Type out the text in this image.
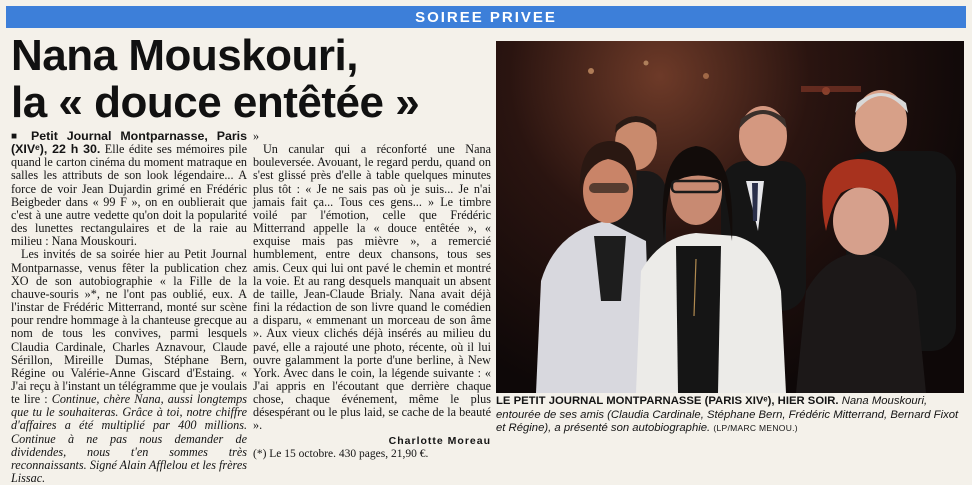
SOIREE PRIVEE
Nana Mouskouri,
la « douce entêtée »

■ Petit Journal Montparnasse, Paris (XIVᵉ), 22 h 30. Elle édite ses mémoires pile quand le carton cinéma du moment matraque en salles les attributs de son look légendaire... A force de voir Jean Dujardin grimé en Frédéric Beigbeder dans « 99 F », on en oublierait que c'est à une autre vedette qu'on doit la popularité des lunettes rectangulaires et de la raie au milieu : Nana Mouskouri.

Les invités de sa soirée hier au Petit Journal Montparnasse, venus fêter la publication chez XO de son autobiographie « la Fille de la chauve-souris »*, ne l'ont pas oublié, eux. A l'instar de Frédéric Mitterrand, monté sur scène pour rendre hommage à la chanteuse grecque au nom de tous les convives, parmi lesquels Claudia Cardinale, Charles Aznavour, Claude Sérillon, Mireille Dumas, Stéphane Bern, Régine ou Valérie-Anne Giscard d'Estaing. « J'ai reçu à l'instant un télégramme que je voulais te lire : Continue, chère Nana, aussi longtemps que tu le souhaiteras. Grâce à toi, notre chiffre d'affaires a été multiplié par 400 millions. Continue à ne pas nous demander de dividendes, nous t'en sommes très reconnaissants. Signé Alain Afflelou et les frères Lissac.

»

Un canular qui a réconforté une Nana bouleversée. Avouant, le regard perdu, quand on s'est glissé près d'elle à table quelques minutes plus tôt : « Je ne sais pas où je suis... Je n'ai jamais fait ça... Tous ces gens... » Le timbre voilé par l'émotion, celle que Frédéric Mitterrand appelle la « douce entêtée », « exquise mais pas mièvre », a remercié humblement, entre deux chansons, tous ses amis. Ceux qui lui ont pavé le chemin et montré la voie. Et au rang desquels manquait un absent de taille, Jean-Claude Brialy. Nana avait déjà fini la rédaction de son livre quand le comédien a disparu, « emmenant un morceau de son âme ». Aux vieux clichés déjà insérés au milieu du pavé, elle a rajouté une photo, récente, où il lui ouvre galamment la porte d'une berline, à New York. Avec dans le coin, la légende suivante : « J'ai appris en l'écoutant que derrière chaque chose, chaque événement, même le plus désespérant ou le plus laid, se cache de la beauté ».

Charlotte Moreau

(*) Le 15 octobre. 430 pages, 21,90 €.

LE PETIT JOURNAL MONTPARNASSE (PARIS XIVᵉ), HIER SOIR. Nana Mouskouri, entourée de ses amis (Claudia Cardinale, Stéphane Bern, Frédéric Mitterrand, Bernard Fixot et Régine), a présenté son autobiographie. (LP/MARC MENOU.)
